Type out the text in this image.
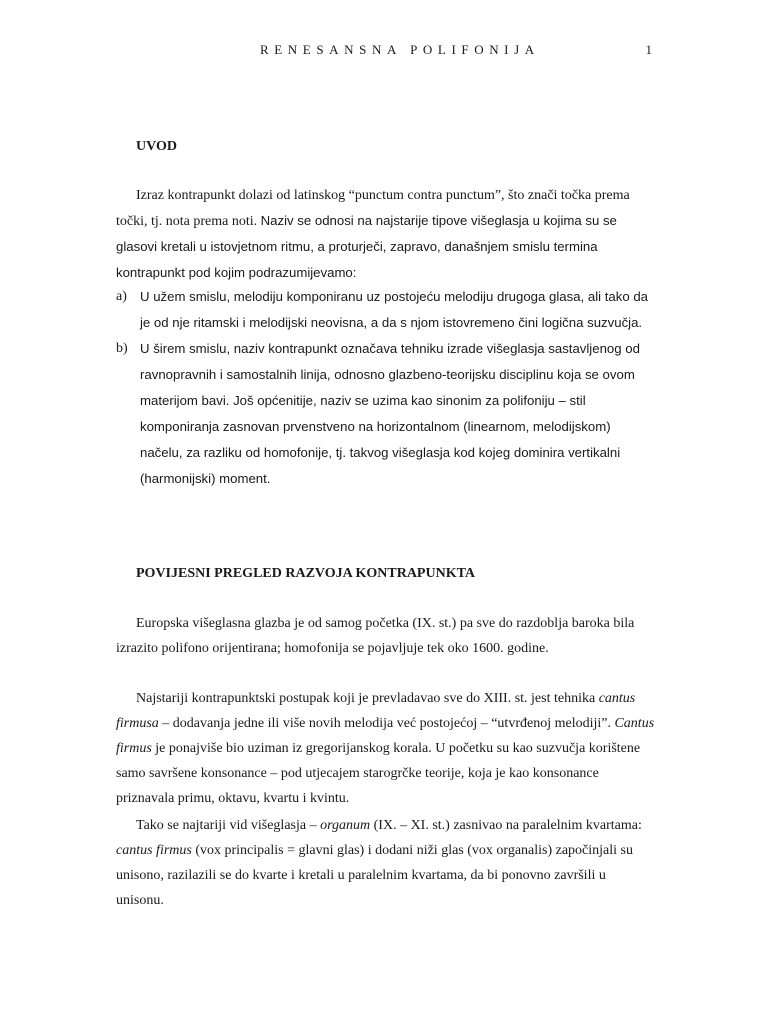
RENESANSNA POLIFONIJA	1
UVOD

Izraz kontrapunkt dolazi od latinskog “punctum contra punctum”, što znači točka prema točki, tj. nota prema noti. Naziv se odnosi na najstarije tipove višeglasja u kojima su se glasovi kretali u istovjetnom ritmu, a proturječi, zapravo, današnjem smislu termina kontrapunkt pod kojim podrazumijevamo:

a) U užem smislu, melodiju komponiranu uz postojeću melodiju drugoga glasa, ali tako da je od nje ritamski i melodijski neovisna, a da s njom istovremeno čini logična suzvučja.
b) U širem smislu, naziv kontrapunkt označava tehniku izrade višeglasja sastavljenog od ravnopravnih i samostalnih linija, odnosno glazbeno-teorijsku disciplinu koja se ovom materijom bavi. Još općenitije, naziv se uzima kao sinonim za polifoniju – stil komponiranja zasnovan prvenstveno na horizontalnom (linearnom, melodijskom) načelu, za razliku od homofonije, tj. takvog višeglasja kod kojeg dominira vertikalni (harmonijski) moment.
POVIJESNI PREGLED RAZVOJA KONTRAPUNKTA

Europska višeglasna glazba je od samog početka (IX. st.) pa sve do razdoblja baroka bila izrazito polifono orijentirana; homofonija se pojavljuje tek oko 1600. godine.

Najstariji kontrapunktski postupak koji je prevladavao sve do XIII. st. jest tehnika cantus firmusa – dodavanja jedne ili više novih melodija već postojećoj – “utvrđenoj melodiji”. Cantus firmus je ponajviše bio uziman iz gregorijanskog korala. U početku su kao suzvučja korištene samo savršene konsonance – pod utjecajem starogrčke teorije, koja je kao konsonance priznavala primu, oktavu, kvartu i kvintu.

Tako se najtariji vid višeglasja – organum (IX. – XI. st.) zasnivao na paralelnim kvartama: cantus firmus (vox principalis = glavni glas) i dodani niži glas (vox organalis) započinjali su unisono, razilazili se do kvarte i kretali u paralelnim kvartama, da bi ponovno završili u unisonu.
